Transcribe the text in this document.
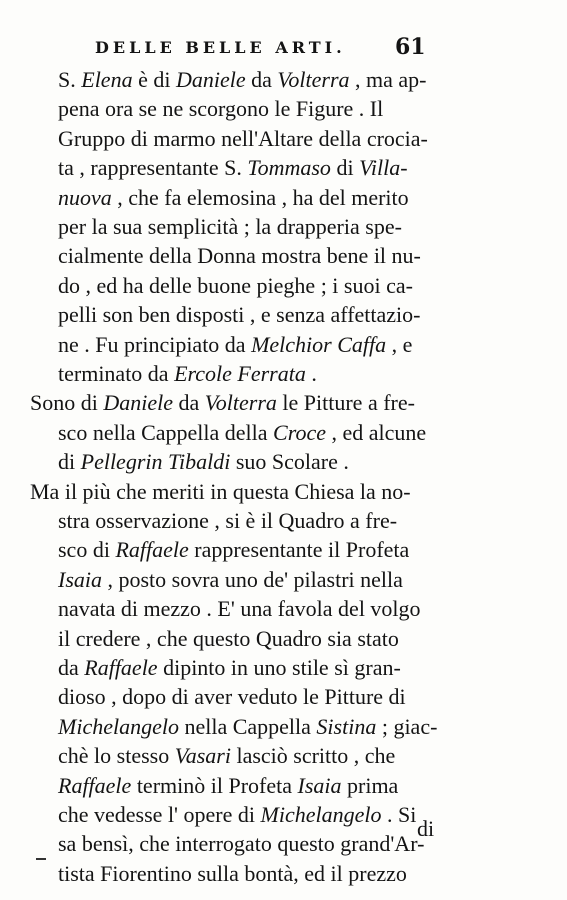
DELLE BELLE ARTI.	61
S. Elena è di Daniele da Volterra , ma ap-
pena ora se ne scorgono le Figure . Il
Gruppo di marmo nell'Altare della crocia-
ta , rappresentante S. Tommaso di Villa-
nuova , che fa elemosina , ha del merito
per la sua semplicità ; la drapperia spe-
cialmente della Donna mostra bene il nu-
do , ed ha delle buone pieghe ; i suoi ca-
pelli son ben disposti , e senza affettazio-
ne . Fu principiato da Melchior Caffa , e
terminato da Ercole Ferrata .
Sono di Daniele da Volterra le Pitture a fre-
sco nella Cappella della Croce , ed alcune
di Pellegrin Tibaldi suo Scolare .
Ma il più che meriti in questa Chiesa la no-
stra osservazione , si è il Quadro a fre-
sco di Raffaele rappresentante il Profeta
Isaia , posto sovra uno de' pilastri nella
navata di mezzo . E' una favola del volgo
il credere , che questo Quadro sia stato
da Raffaele dipinto in uno stile sì gran-
dioso , dopo di aver veduto le Pitture di
Michelangelo nella Cappella Sistina ; giac-
chè lo stesso Vasari lasciò scritto , che
Raffaele terminò il Profeta Isaia prima
che vedesse l' opere di Michelangelo . Si
sa bensì, che interrogato questo grand'Ar-
tista Fiorentino sulla bontà, ed il prezzo
di
